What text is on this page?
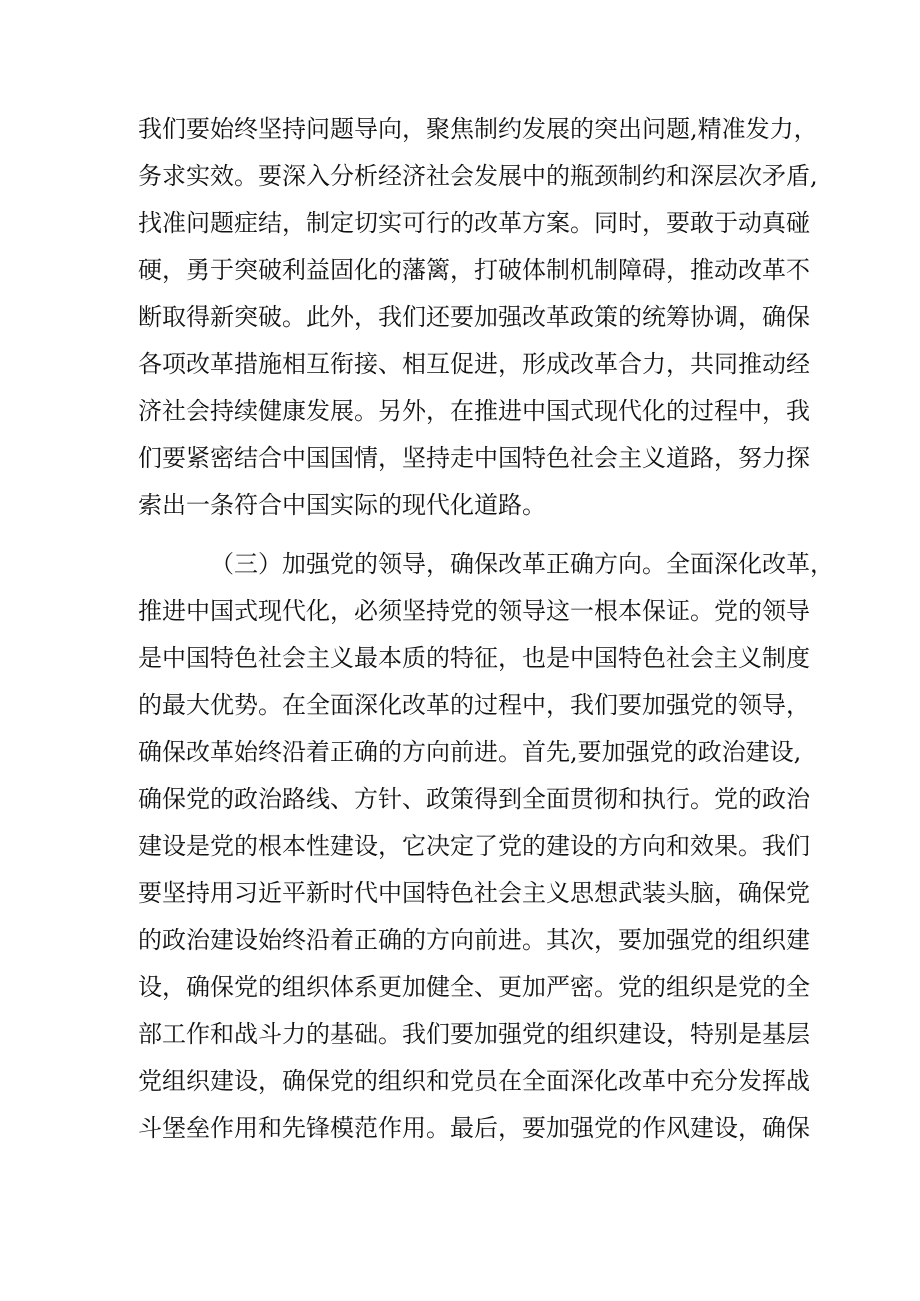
我们要始终坚持问题导向，聚焦制约发展的突出问题,精准发力，
务求实效。要深入分析经济社会发展中的瓶颈制约和深层次矛盾,
找准问题症结，制定切实可行的改革方案。同时，要敢于动真碰
硬，勇于突破利益固化的藩篱，打破体制机制障碍，推动改革不
断取得新突破。此外，我们还要加强改革政策的统筹协调，确保
各项改革措施相互衔接、相互促进，形成改革合力，共同推动经
济社会持续健康发展。另外，在推进中国式现代化的过程中，我
们要紧密结合中国国情，坚持走中国特色社会主义道路，努力探
索出一条符合中国实际的现代化道路。
（三）加强党的领导，确保改革正确方向。全面深化改革，
推进中国式现代化，必须坚持党的领导这一根本保证。党的领导
是中国特色社会主义最本质的特征，也是中国特色社会主义制度
的最大优势。在全面深化改革的过程中，我们要加强党的领导，
确保改革始终沿着正确的方向前进。首先,要加强党的政治建设,
确保党的政治路线、方针、政策得到全面贯彻和执行。党的政治
建设是党的根本性建设，它决定了党的建设的方向和效果。我们
要坚持用习近平新时代中国特色社会主义思想武装头脑，确保党
的政治建设始终沿着正确的方向前进。其次，要加强党的组织建
设，确保党的组织体系更加健全、更加严密。党的组织是党的全
部工作和战斗力的基础。我们要加强党的组织建设，特别是基层
党组织建设，确保党的组织和党员在全面深化改革中充分发挥战
斗堡垒作用和先锋模范作用。最后，要加强党的作风建设，确保
